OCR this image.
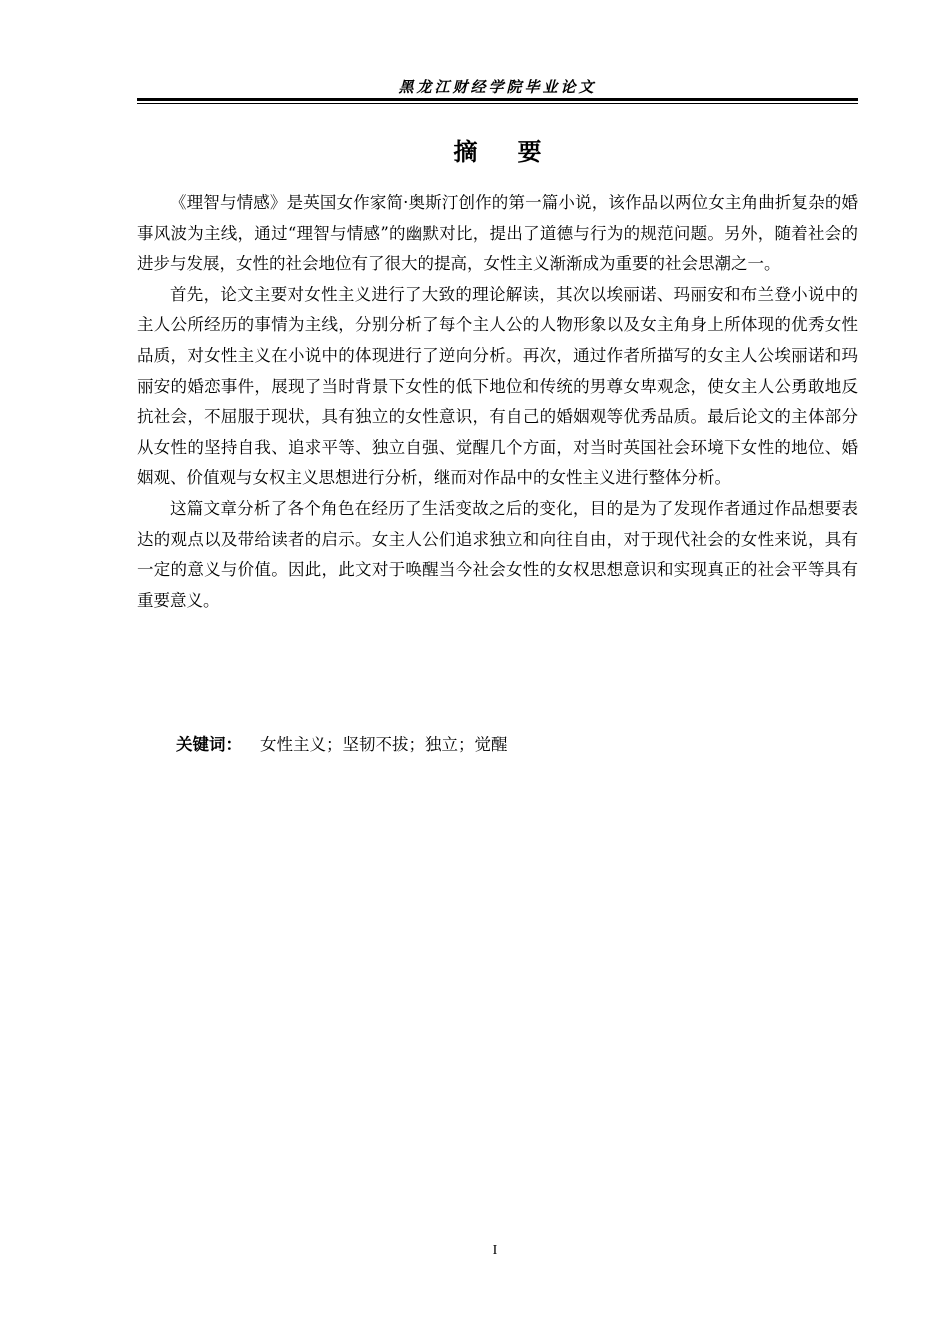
黑龙江财经学院毕业论文
摘要

《理智与情感》是英国女作家简·奥斯汀创作的第一篇小说，该作品以两位女主角曲折复杂的婚事风波为主线，通过“理智与情感”的幽默对比，提出了道德与行为的规范问题。另外，随着社会的进步与发展，女性的社会地位有了很大的提高，女性主义渐渐成为重要的社会思潮之一。

首先，论文主要对女性主义进行了大致的理论解读，其次以埃丽诺、玛丽安和布兰登小说中的主人公所经历的事情为主线，分别分析了每个主人公的人物形象以及女主角身上所体现的优秀女性品质，对女性主义在小说中的体现进行了逆向分析。再次，通过作者所描写的女主人公埃丽诺和玛丽安的婚恋事件，展现了当时背景下女性的低下地位和传统的男尊女卑观念，使女主人公勇敢地反抗社会，不屈服于现状，具有独立的女性意识，有自己的婚姻观等优秀品质。最后论文的主体部分从女性的坚持自我、追求平等、独立自强、觉醒几个方面，对当时英国社会环境下女性的地位、婚姻观、价值观与女权主义思想进行分析，继而对作品中的女性主义进行整体分析。

这篇文章分析了各个角色在经历了生活变故之后的变化，目的是为了发现作者通过作品想要表达的观点以及带给读者的启示。女主人公们追求独立和向往自由，对于现代社会的女性来说，具有一定的意义与价值。因此，此文对于唤醒当今社会女性的女权思想意识和实现真正的社会平等具有重要意义。

关键词： 女性主义；坚韧不拔；独立；觉醒
I
